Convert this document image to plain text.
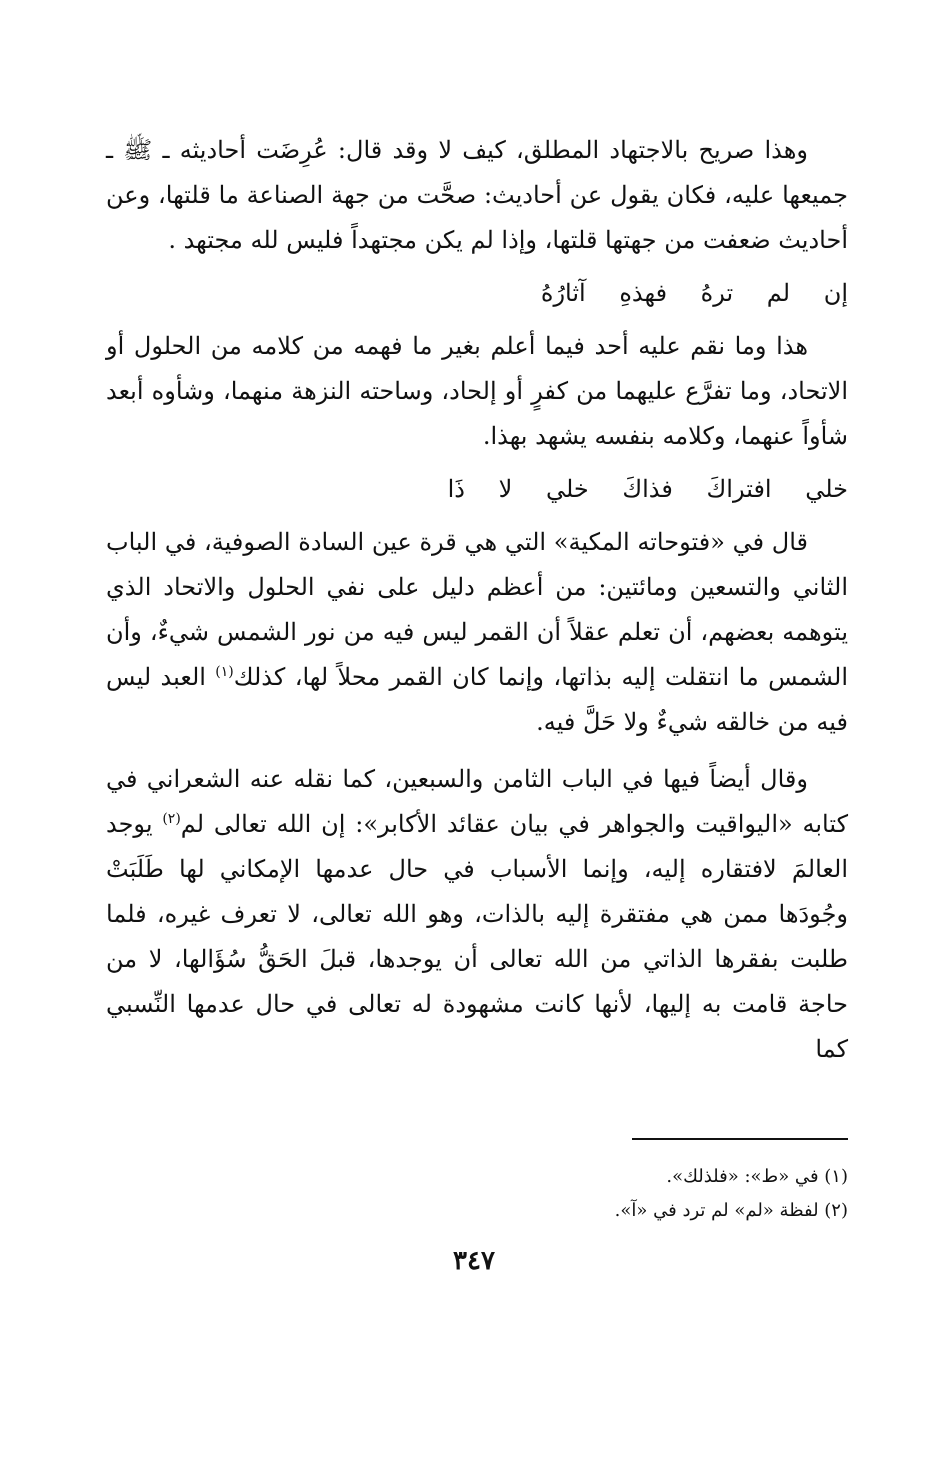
وهذا صريح بالاجتهاد المطلق، كيف لا وقد قال: عُرِضَت أحاديثه ـ ﷺ ـ جميعها عليه، فكان يقول عن أحاديث: صحَّت من جهة الصناعة ما قلتها، وعن أحاديث ضعفت من جهتها قلتها، وإذا لم يكن مجتهداً فليس لله مجتهد .

إن لم ترهُ فهذهِ آثارُهُ

هذا وما نقم عليه أحد فيما أعلم بغير ما فهمه من كلامه من الحلول أو الاتحاد، وما تفرَّع عليهما من كفرٍ أو إلحاد، وساحته النزهة منهما، وشأوه أبعد شأواً عنهما، وكلامه بنفسه يشهد بهذا.

خلي افتراكَ فذاكَ خلي لا ذَا

قال في «فتوحاته المكية» التي هي قرة عين السادة الصوفية، في الباب الثاني والتسعين ومائتين: من أعظم دليل على نفي الحلول والاتحاد الذي يتوهمه بعضهم، أن تعلم عقلاً أن القمر ليس فيه من نور الشمس شيءٌ، وأن الشمس ما انتقلت إليه بذاتها، وإنما كان القمر محلاً لها، كذلك$^{(١)}$ العبد ليس فيه من خالقه شيءٌ ولا حَلَّ فيه.

وقال أيضاً فيها في الباب الثامن والسبعين، كما نقله عنه الشعراني في كتابه «اليواقيت والجواهر في بيان عقائد الأكابر»: إن الله تعالى لم$^{(٢)}$ يوجد العالمَ لافتقاره إليه، وإنما الأسباب في حال عدمها الإمكاني لها طَلَبَتْ وجُودَها ممن هي مفتقرة إليه بالذات، وهو الله تعالى، لا تعرف غيره، فلما طلبت بفقرها الذاتي من الله تعالى أن يوجدها، قبلَ الحَقُّ سُؤَالها، لا من حاجة قامت به إليها، لأنها كانت مشهودة له تعالى في حال عدمها النِّسبي كما

(١) في «ط»: «فلذلك».
(٢) لفظة «لم» لم ترد في «آ».
٣٤٧
